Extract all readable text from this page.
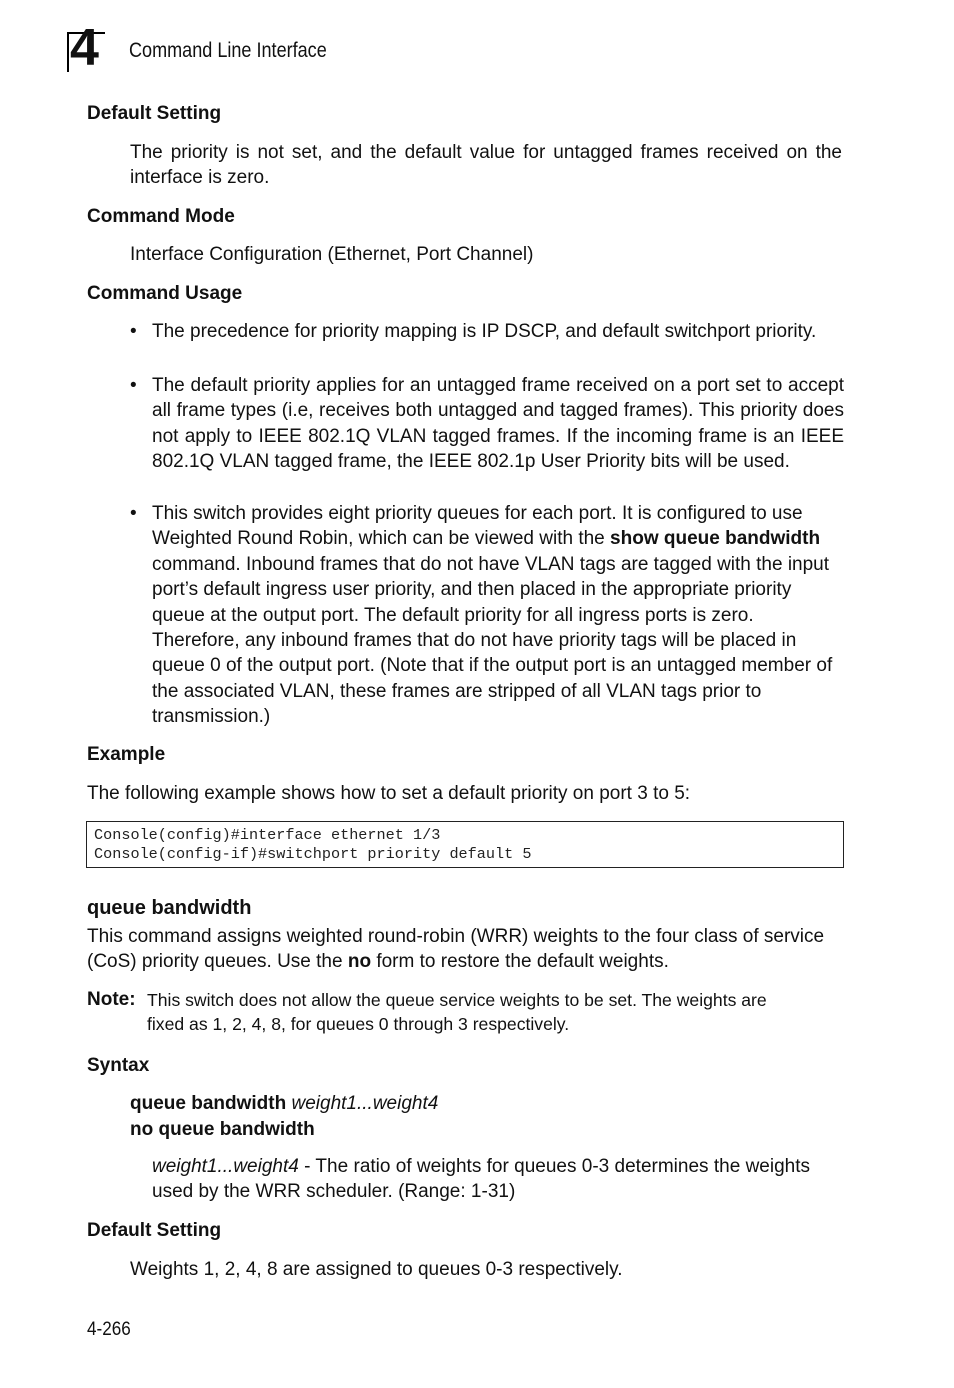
4 Command Line Interface
Default Setting
The priority is not set, and the default value for untagged frames received on the interface is zero.
Command Mode
Interface Configuration (Ethernet, Port Channel)
Command Usage
• The precedence for priority mapping is IP DSCP, and default switchport priority.
• The default priority applies for an untagged frame received on a port set to accept all frame types (i.e, receives both untagged and tagged frames). This priority does not apply to IEEE 802.1Q VLAN tagged frames. If the incoming frame is an IEEE 802.1Q VLAN tagged frame, the IEEE 802.1p User Priority bits will be used.
• This switch provides eight priority queues for each port. It is configured to use Weighted Round Robin, which can be viewed with the show queue bandwidth command. Inbound frames that do not have VLAN tags are tagged with the input port’s default ingress user priority, and then placed in the appropriate priority queue at the output port. The default priority for all ingress ports is zero. Therefore, any inbound frames that do not have priority tags will be placed in queue 0 of the output port. (Note that if the output port is an untagged member of the associated VLAN, these frames are stripped of all VLAN tags prior to transmission.)
Example
The following example shows how to set a default priority on port 3 to 5:
Console(config)#interface ethernet 1/3
Console(config-if)#switchport priority default 5
queue bandwidth
This command assigns weighted round-robin (WRR) weights to the four class of service (CoS) priority queues. Use the no form to restore the default weights.
Note: This switch does not allow the queue service weights to be set. The weights are
fixed as 1, 2, 4, 8, for queues 0 through 3 respectively.
Syntax
queue bandwidth weight1...weight4
no queue bandwidth
weight1...weight4 - The ratio of weights for queues 0-3 determines the weights used by the WRR scheduler. (Range: 1-31)
Default Setting
Weights 1, 2, 4, 8 are assigned to queues 0-3 respectively.
4-266
